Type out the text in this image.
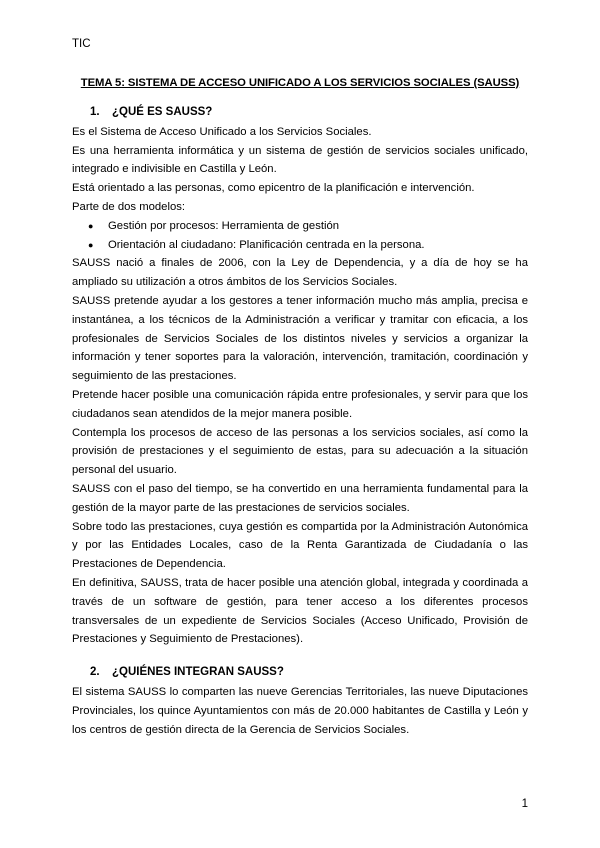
TIC

TEMA 5: SISTEMA DE ACCESO UNIFICADO A LOS SERVICIOS SOCIALES (SAUSS)

1. ¿QUÉ ES SAUSS?

Es el Sistema de Acceso Unificado a los Servicios Sociales.

Es una herramienta informática y un sistema de gestión de servicios sociales unificado, integrado e indivisible en Castilla y León.

Está orientado a las personas, como epicentro de la planificación e intervención.

Parte de dos modelos:

● Gestión por procesos: Herramienta de gestión
● Orientación al ciudadano: Planificación centrada en la persona.

SAUSS nació a finales de 2006, con la Ley de Dependencia, y a día de hoy se ha ampliado su utilización a otros ámbitos de los Servicios Sociales.

SAUSS pretende ayudar a los gestores a tener información mucho más amplia, precisa e instantánea, a los técnicos de la Administración a verificar y tramitar con eficacia, a los profesionales de Servicios Sociales de los distintos niveles y servicios a organizar la información y tener soportes para la valoración, intervención, tramitación, coordinación y seguimiento de las prestaciones.

Pretende hacer posible una comunicación rápida entre profesionales, y servir para que los ciudadanos sean atendidos de la mejor manera posible.

Contempla los procesos de acceso de las personas a los servicios sociales, así como la provisión de prestaciones y el seguimiento de estas, para su adecuación a la situación personal del usuario.

SAUSS con el paso del tiempo, se ha convertido en una herramienta fundamental para la gestión de la mayor parte de las prestaciones de servicios sociales.

Sobre todo las prestaciones, cuya gestión es compartida por la Administración Autonómica y por las Entidades Locales, caso de la Renta Garantizada de Ciudadanía o las Prestaciones de Dependencia.

En definitiva, SAUSS, trata de hacer posible una atención global, integrada y coordinada a través de un software de gestión, para tener acceso a los diferentes procesos transversales de un expediente de Servicios Sociales (Acceso Unificado, Provisión de Prestaciones y Seguimiento de Prestaciones).

2. ¿QUIÉNES INTEGRAN SAUSS?

El sistema SAUSS lo comparten las nueve Gerencias Territoriales, las nueve Diputaciones Provinciales, los quince Ayuntamientos con más de 20.000 habitantes de Castilla y León y los centros de gestión directa de la Gerencia de Servicios Sociales.

1
